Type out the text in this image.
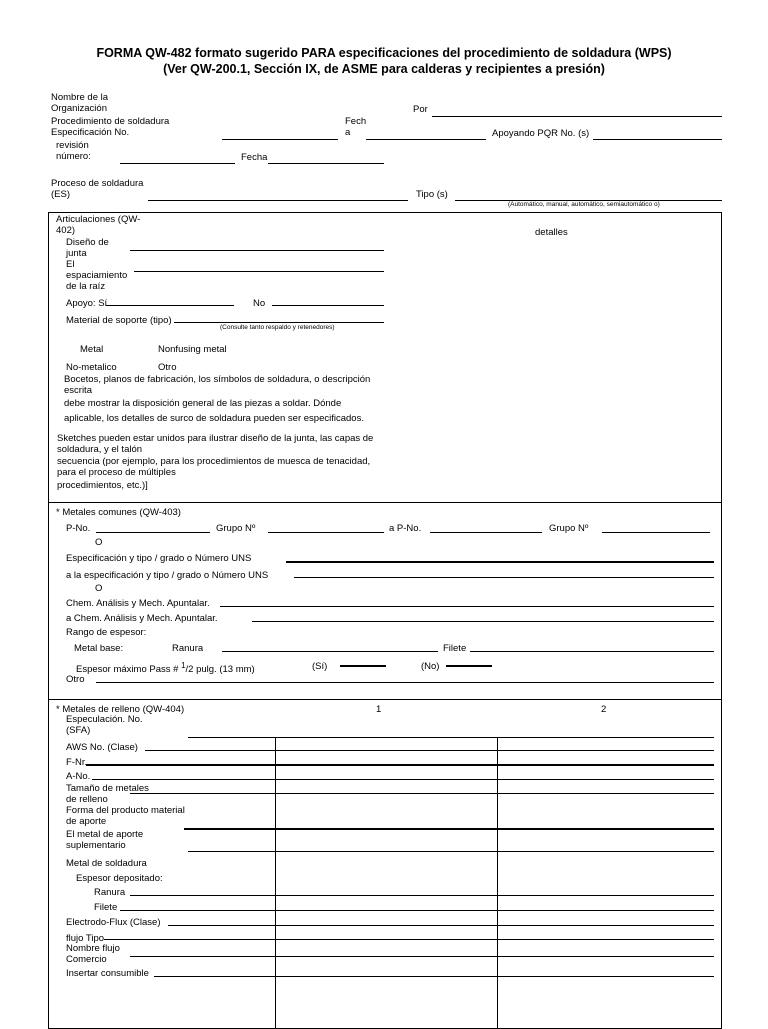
FORMA QW-482 formato sugerido PARA especificaciones del procedimiento de soldadura (WPS)
(Ver QW-200.1, Sección IX, de ASME para calderas y recipientes a presión)
Nombre de la Organización	Por
Procedimiento de soldadura Especificación No.
Fech a	Apoyando PQR No. (s)
revisión número:	Fecha
Proceso de soldadura (ES)	Tipo (s)
(Automático, manual, automático, semiautomático o)
Articulaciones (QW-402)	detalles
Diseño de junta
El espaciamiento de la raíz
Apoyo: Sí	No
Material de soporte (tipo)
(Consulte tanto respaldo y retenedores)
Metal	Nonfusing metal
No-metalico	Otro
Bocetos, planos de fabricación, los símbolos de soldadura, o descripción escrita
debe mostrar la disposición general de las piezas a soldar. Dónde
aplicable, los detalles de surco de soldadura pueden ser especificados.
Sketches pueden estar unidos para ilustrar diseño de la junta, las capas de soldadura, y el talón
secuencia (por ejemplo, para los procedimientos de muesca de tenacidad, para el proceso de múltiples
procedimientos, etc.)]
* Metales comunes (QW-403)
P-No.	Grupo Nº	a P-No.	Grupo Nº
O
Especificación y tipo / grado o Número UNS
a la especificación y tipo / grado o Número UNS
O
Chem. Análisis y Mech. Apuntalar.
a Chem. Análisis y Mech. Apuntalar.
Rango de espesor:
Metal base:	Ranura	Filete
Espesor máximo Pass # $^1$/2 pulg. (13 mm)	(Sí)	(No)
Otro
* Metales de relleno (QW-404)	1	2
Especulación. No. (SFA)
AWS No. (Clase)
F-Nr.
A-No.
Tamaño de metales de relleno
Forma del producto material de aporte
El metal de aporte suplementario
Metal de soldadura
Espesor depositado:
Ranura
Filete
Electrodo-Flux (Clase)
flujo Tipo
Nombre flujo Comercio
Insertar consumible
